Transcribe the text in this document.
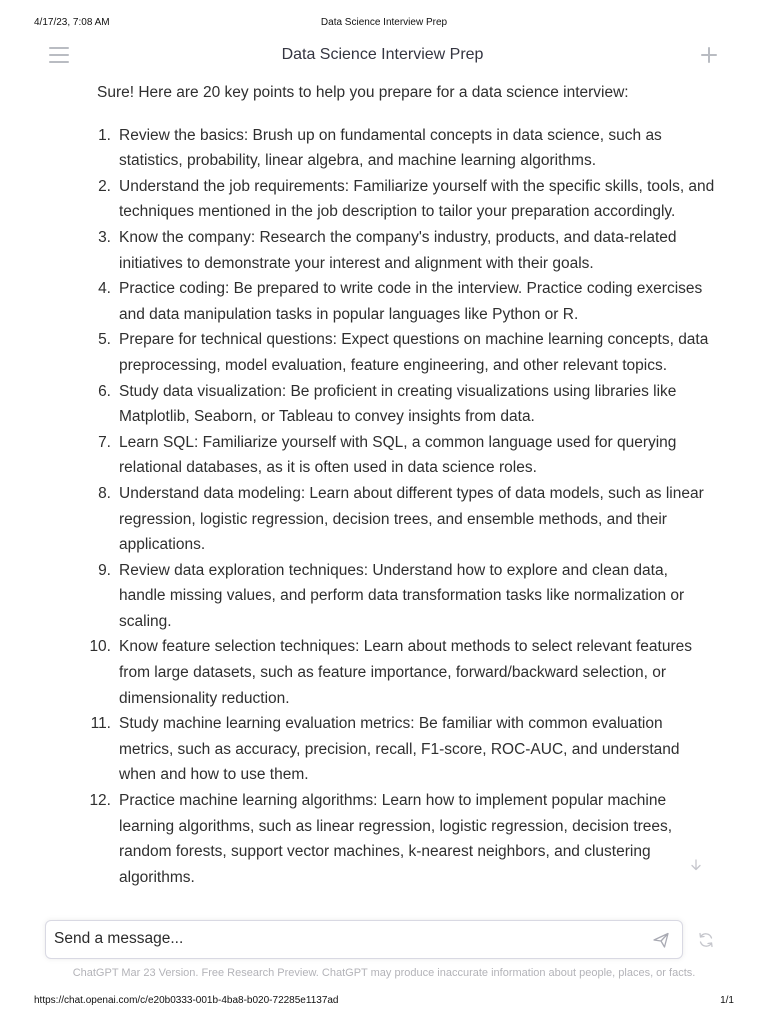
4/17/23, 7:08 AM	Data Science Interview Prep
Data Science Interview Prep

Sure! Here are 20 key points to help you prepare for a data science interview:

1. Review the basics: Brush up on fundamental concepts in data science, such as statistics, probability, linear algebra, and machine learning algorithms.
2. Understand the job requirements: Familiarize yourself with the specific skills, tools, and techniques mentioned in the job description to tailor your preparation accordingly.
3. Know the company: Research the company's industry, products, and data-related initiatives to demonstrate your interest and alignment with their goals.
4. Practice coding: Be prepared to write code in the interview. Practice coding exercises and data manipulation tasks in popular languages like Python or R.
5. Prepare for technical questions: Expect questions on machine learning concepts, data preprocessing, model evaluation, feature engineering, and other relevant topics.
6. Study data visualization: Be proficient in creating visualizations using libraries like Matplotlib, Seaborn, or Tableau to convey insights from data.
7. Learn SQL: Familiarize yourself with SQL, a common language used for querying relational databases, as it is often used in data science roles.
8. Understand data modeling: Learn about different types of data models, such as linear regression, logistic regression, decision trees, and ensemble methods, and their applications.
9. Review data exploration techniques: Understand how to explore and clean data, handle missing values, and perform data transformation tasks like normalization or scaling.
10. Know feature selection techniques: Learn about methods to select relevant features from large datasets, such as feature importance, forward/backward selection, or dimensionality reduction.
11. Study machine learning evaluation metrics: Be familiar with common evaluation metrics, such as accuracy, precision, recall, F1-score, ROC-AUC, and understand when and how to use them.
12. Practice machine learning algorithms: Learn how to implement popular machine learning algorithms, such as linear regression, logistic regression, decision trees, random forests, support vector machines, k-nearest neighbors, and clustering algorithms.
Send a message...
ChatGPT Mar 23 Version. Free Research Preview. ChatGPT may produce inaccurate information about people, places, or facts.
https://chat.openai.com/c/e20b0333-001b-4ba8-b020-72285e1137ad	1/1
